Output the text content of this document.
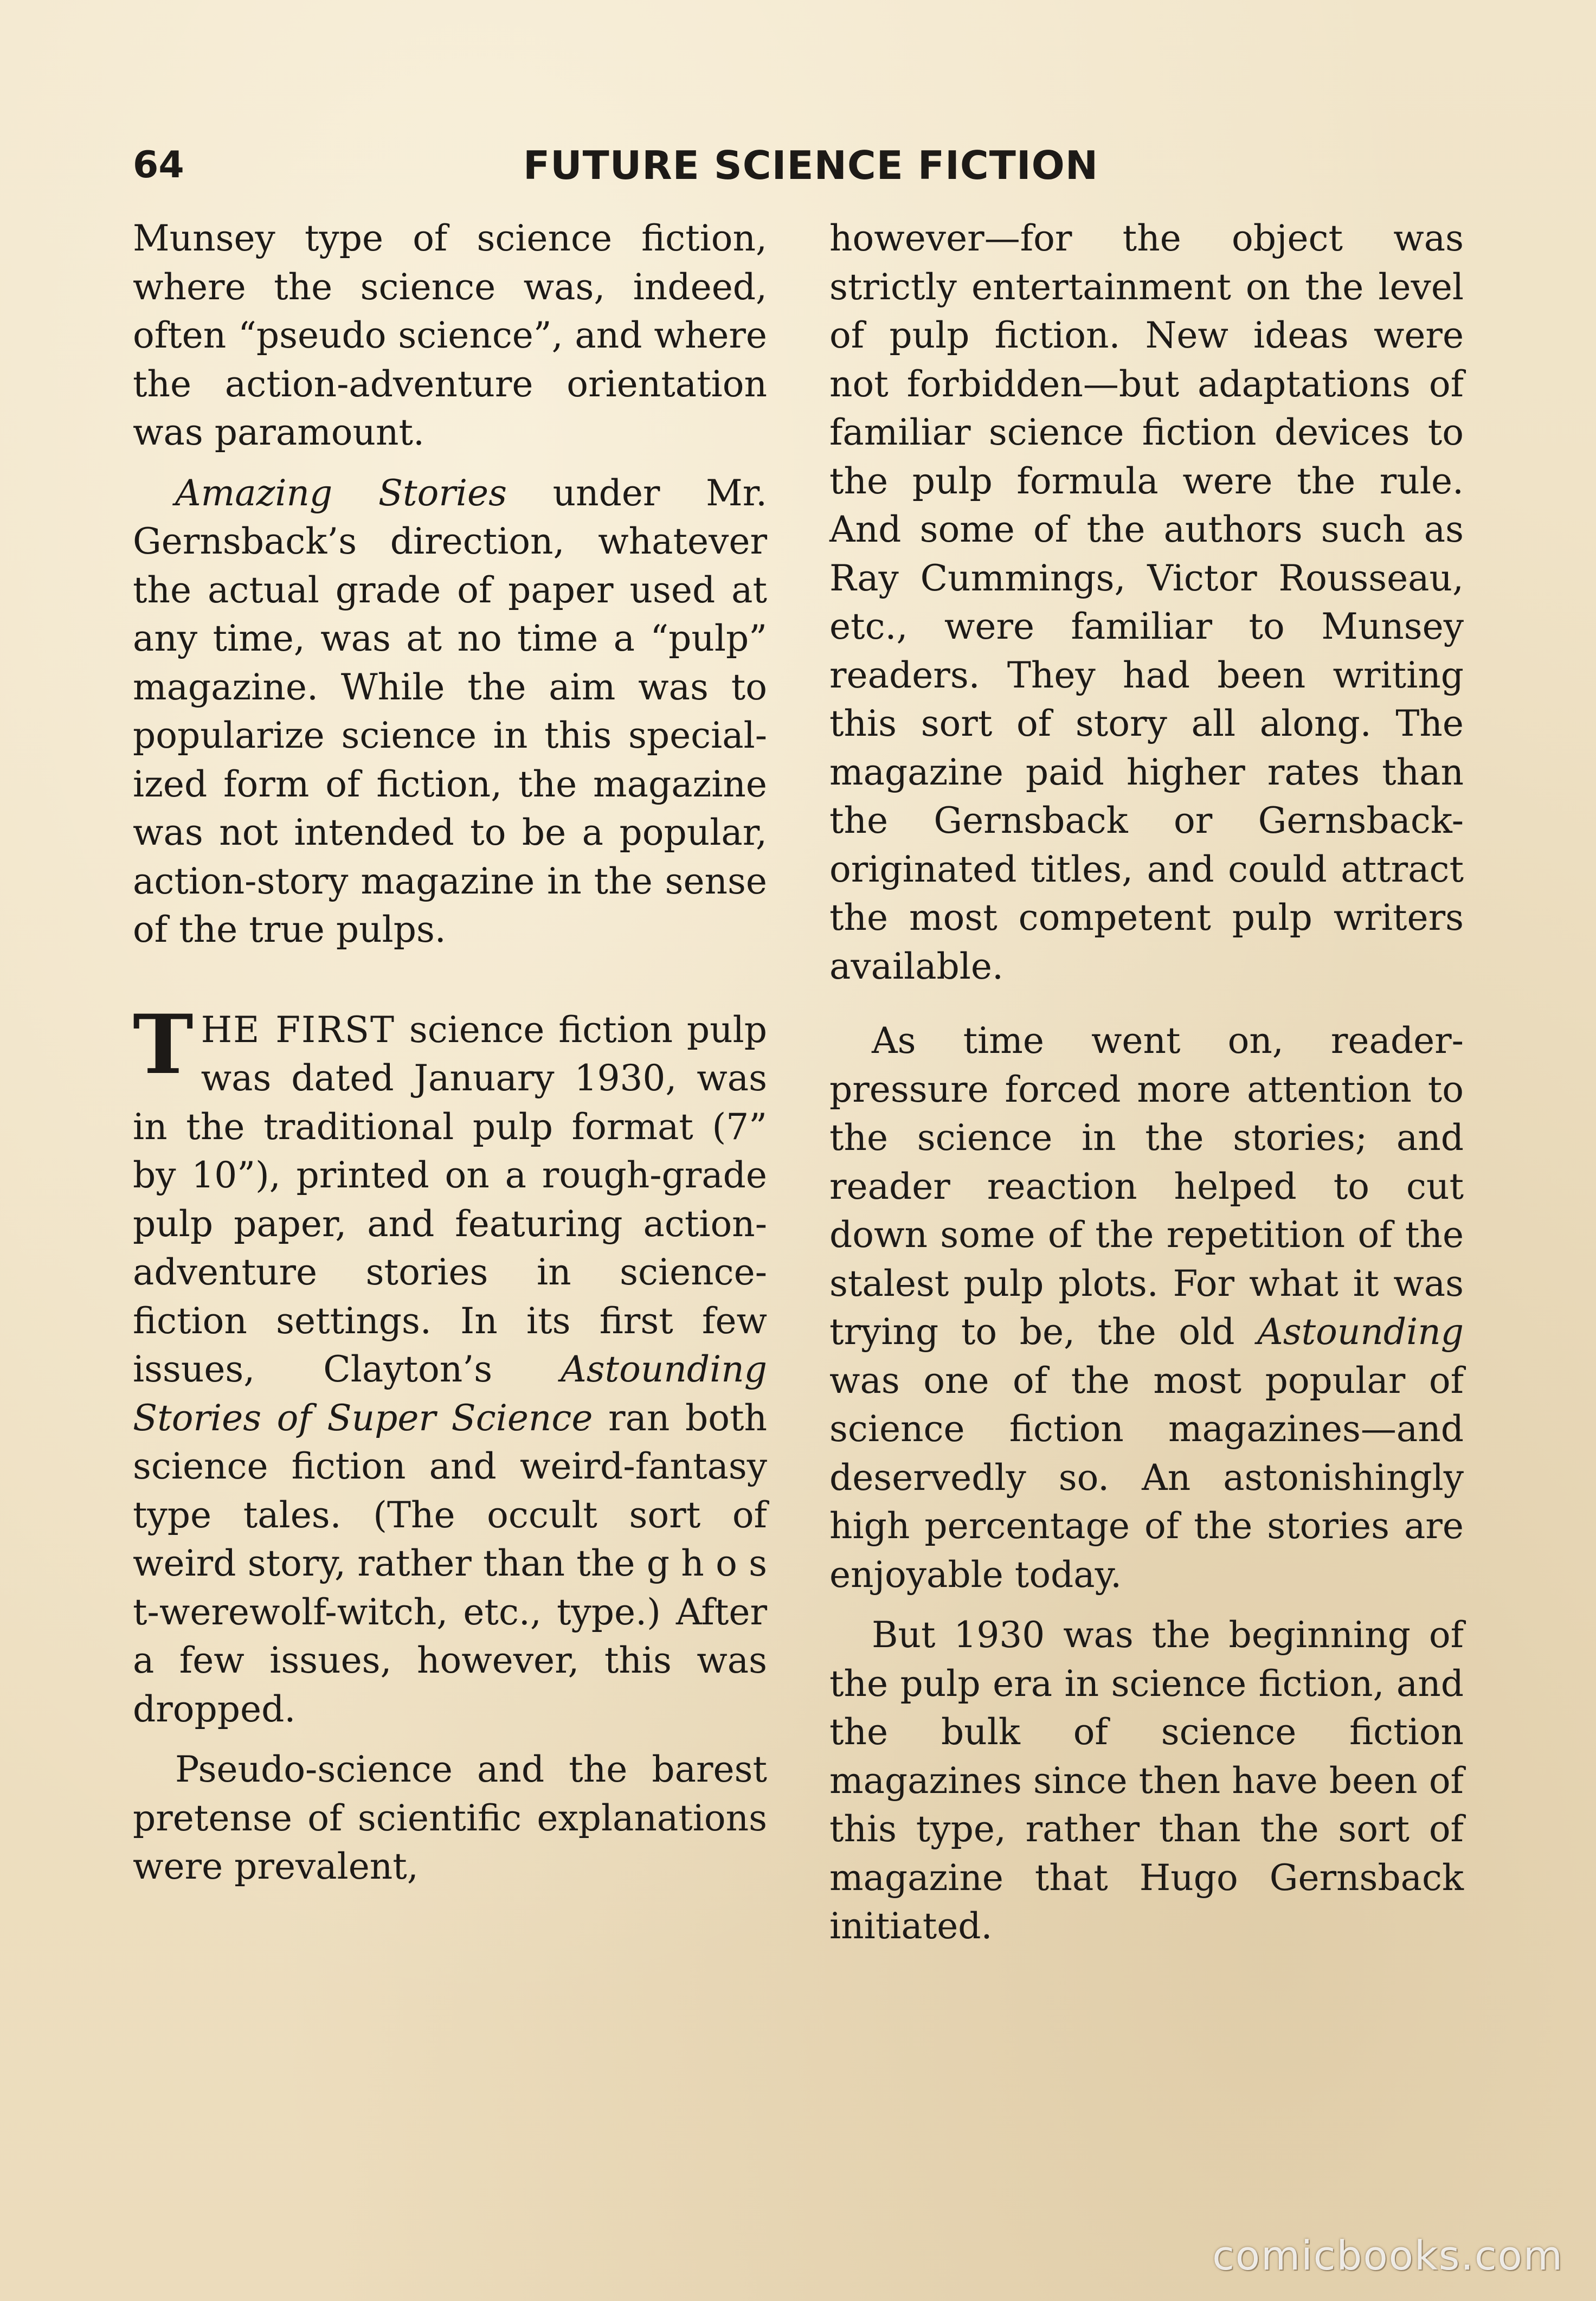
64	FUTURE SCIENCE FICTION

Munsey type of science fiction, where the science was, indeed, often “pseudo science”, and where the action-adventure orientation was paramount.

Amazing Stories under Mr. Gernsback’s direction, whatever the actual grade of paper used at any time, was at no time a “pulp” magazine. While the aim was to popularize science in this specialized form of fiction, the magazine was not intended to be a popular, action-story magazine in the sense of the true pulps.

THE FIRST science fiction pulp was dated January 1930, was in the traditional pulp format (7” by 10”), printed on a rough-grade pulp paper, and featuring action-adventure stories in science-fiction settings. In its first few issues, Clayton’s Astounding Stories of Super Science ran both science fiction and weird-fantasy type tales. (The occult sort of weird story, rather than the g h o s t-werewolf-witch, etc., type.) After a few issues, however, this was dropped.

Pseudo-science and the barest pretense of scientific explanations were prevalent,

however—for the object was strictly entertainment on the level of pulp fiction. New ideas were not forbidden—but adaptations of familiar science fiction devices to the pulp formula were the rule. And some of the authors such as Ray Cummings, Victor Rousseau, etc., were familiar to Munsey readers. They had been writing this sort of story all along. The magazine paid higher rates than the Gernsback or Gernsback-originated titles, and could attract the most competent pulp writers available.

As time went on, reader-pressure forced more attention to the science in the stories; and reader reaction helped to cut down some of the repetition of the stalest pulp plots. For what it was trying to be, the old Astounding was one of the most popular of science fiction magazines—and deservedly so. An astonishingly high percentage of the stories are enjoyable today.

But 1930 was the beginning of the pulp era in science fiction, and the bulk of science fiction magazines since then have been of this type, rather than the sort of magazine that Hugo Gernsback initiated.

comicbooks.com
